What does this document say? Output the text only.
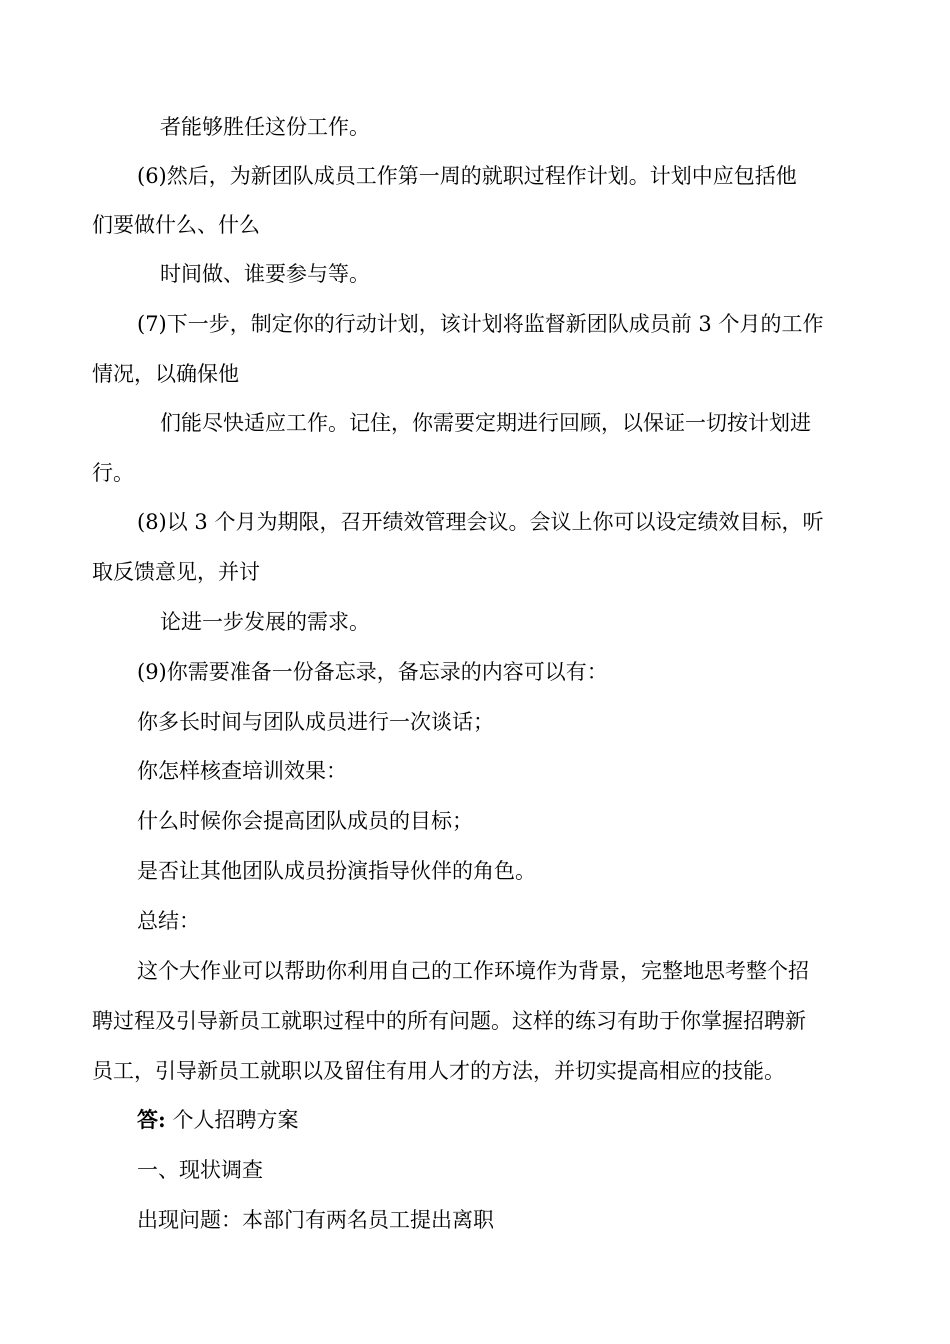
者能够胜任这份工作。
(6)然后，为新团队成员工作第一周的就职过程作计划。计划中应包括他
们要做什么、什么
时间做、谁要参与等。
(7)下一步，制定你的行动计划，该计划将监督新团队成员前 3 个月的工作
情况，以确保他
们能尽快适应工作。记住，你需要定期进行回顾，以保证一切按计划进
行。
(8)以 3 个月为期限，召开绩效管理会议。会议上你可以设定绩效目标，听
取反馈意见，并讨
论进一步发展的需求。
(9)你需要准备一份备忘录，备忘录的内容可以有：
你多长时间与团队成员进行一次谈话；
你怎样核查培训效果：
什么时候你会提高团队成员的目标；
是否让其他团队成员扮演指导伙伴的角色。
总结：
这个大作业可以帮助你利用自己的工作环境作为背景，完整地思考整个招
聘过程及引导新员工就职过程中的所有问题。这样的练习有助于你掌握招聘新
员工，引导新员工就职以及留住有用人才的方法，并切实提高相应的技能。
答: 个人招聘方案
一、现状调查
出现问题：本部门有两名员工提出离职
